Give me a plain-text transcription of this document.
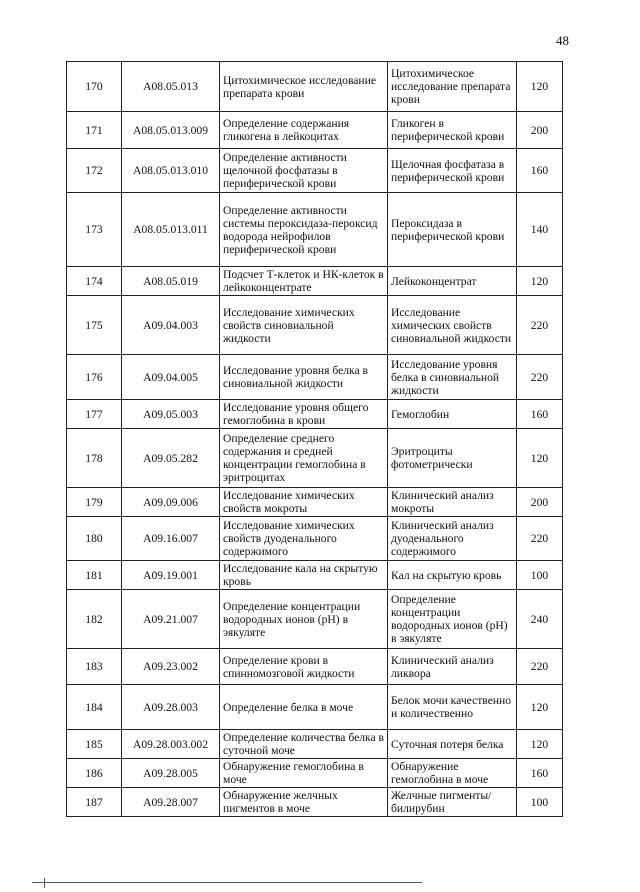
48
170	A08.05.013	Цитохимическое исследование препарата крови	Цитохимическое исследование препарата крови	120
171	A08.05.013.009	Определение содержания гликогена в лейкоцитах	Гликоген в периферической крови	200
172	A08.05.013.010	Определение активности щелочной фосфатазы в периферической крови	Щелочная фосфатаза в периферической крови	160
173	A08.05.013.011	Определение активности системы пероксидаза-пероксид водорода нейрофилов периферической крови	Пероксидаза в периферической крови	140
174	A08.05.019	Подсчет Т-клеток и НК-клеток в лейкоконцентрате	Лейкоконцентрат	120
175	A09.04.003	Исследование химических свойств синовиальной жидкости	Исследование химических свойств синовиальной жидкости	220
176	A09.04.005	Исследование уровня белка в синовиальной жидкости	Исследование уровня белка в синовиальной жидкости	220
177	A09.05.003	Исследование уровня общего гемоглобина в крови	Гемоглобин	160
178	A09.05.282	Определение среднего содержания и средней концентрации гемоглобина в эритроцитах	Эритроциты фотометрически	120
179	A09.09.006	Исследование химических свойств мокроты	Клинический анализ мокроты	200
180	A09.16.007	Исследование химических свойств дуоденального содержимого	Клинический анализ дуоденального содержимого	220
181	A09.19.001	Исследование кала на скрытую кровь	Кал на скрытую кровь	100
182	A09.21.007	Определение концентрации водородных ионов (pH) в эякуляте	Определение концентрации водородных ионов (pH) в эякуляте	240
183	A09.23.002	Определение крови в спинномозговой жидкости	Клинический анализ ликвора	220
184	A09.28.003	Определение белка в моче	Белок мочи качественно и количественно	120
185	A09.28.003.002	Определение количества белка в суточной моче	Суточная потеря белка	120
186	A09.28.005	Обнаружение гемоглобина в моче	Обнаружение гемоглобина в моче	160
187	A09.28.007	Обнаружение желчных пигментов в моче	Желчные пигменты/билирубин	100
